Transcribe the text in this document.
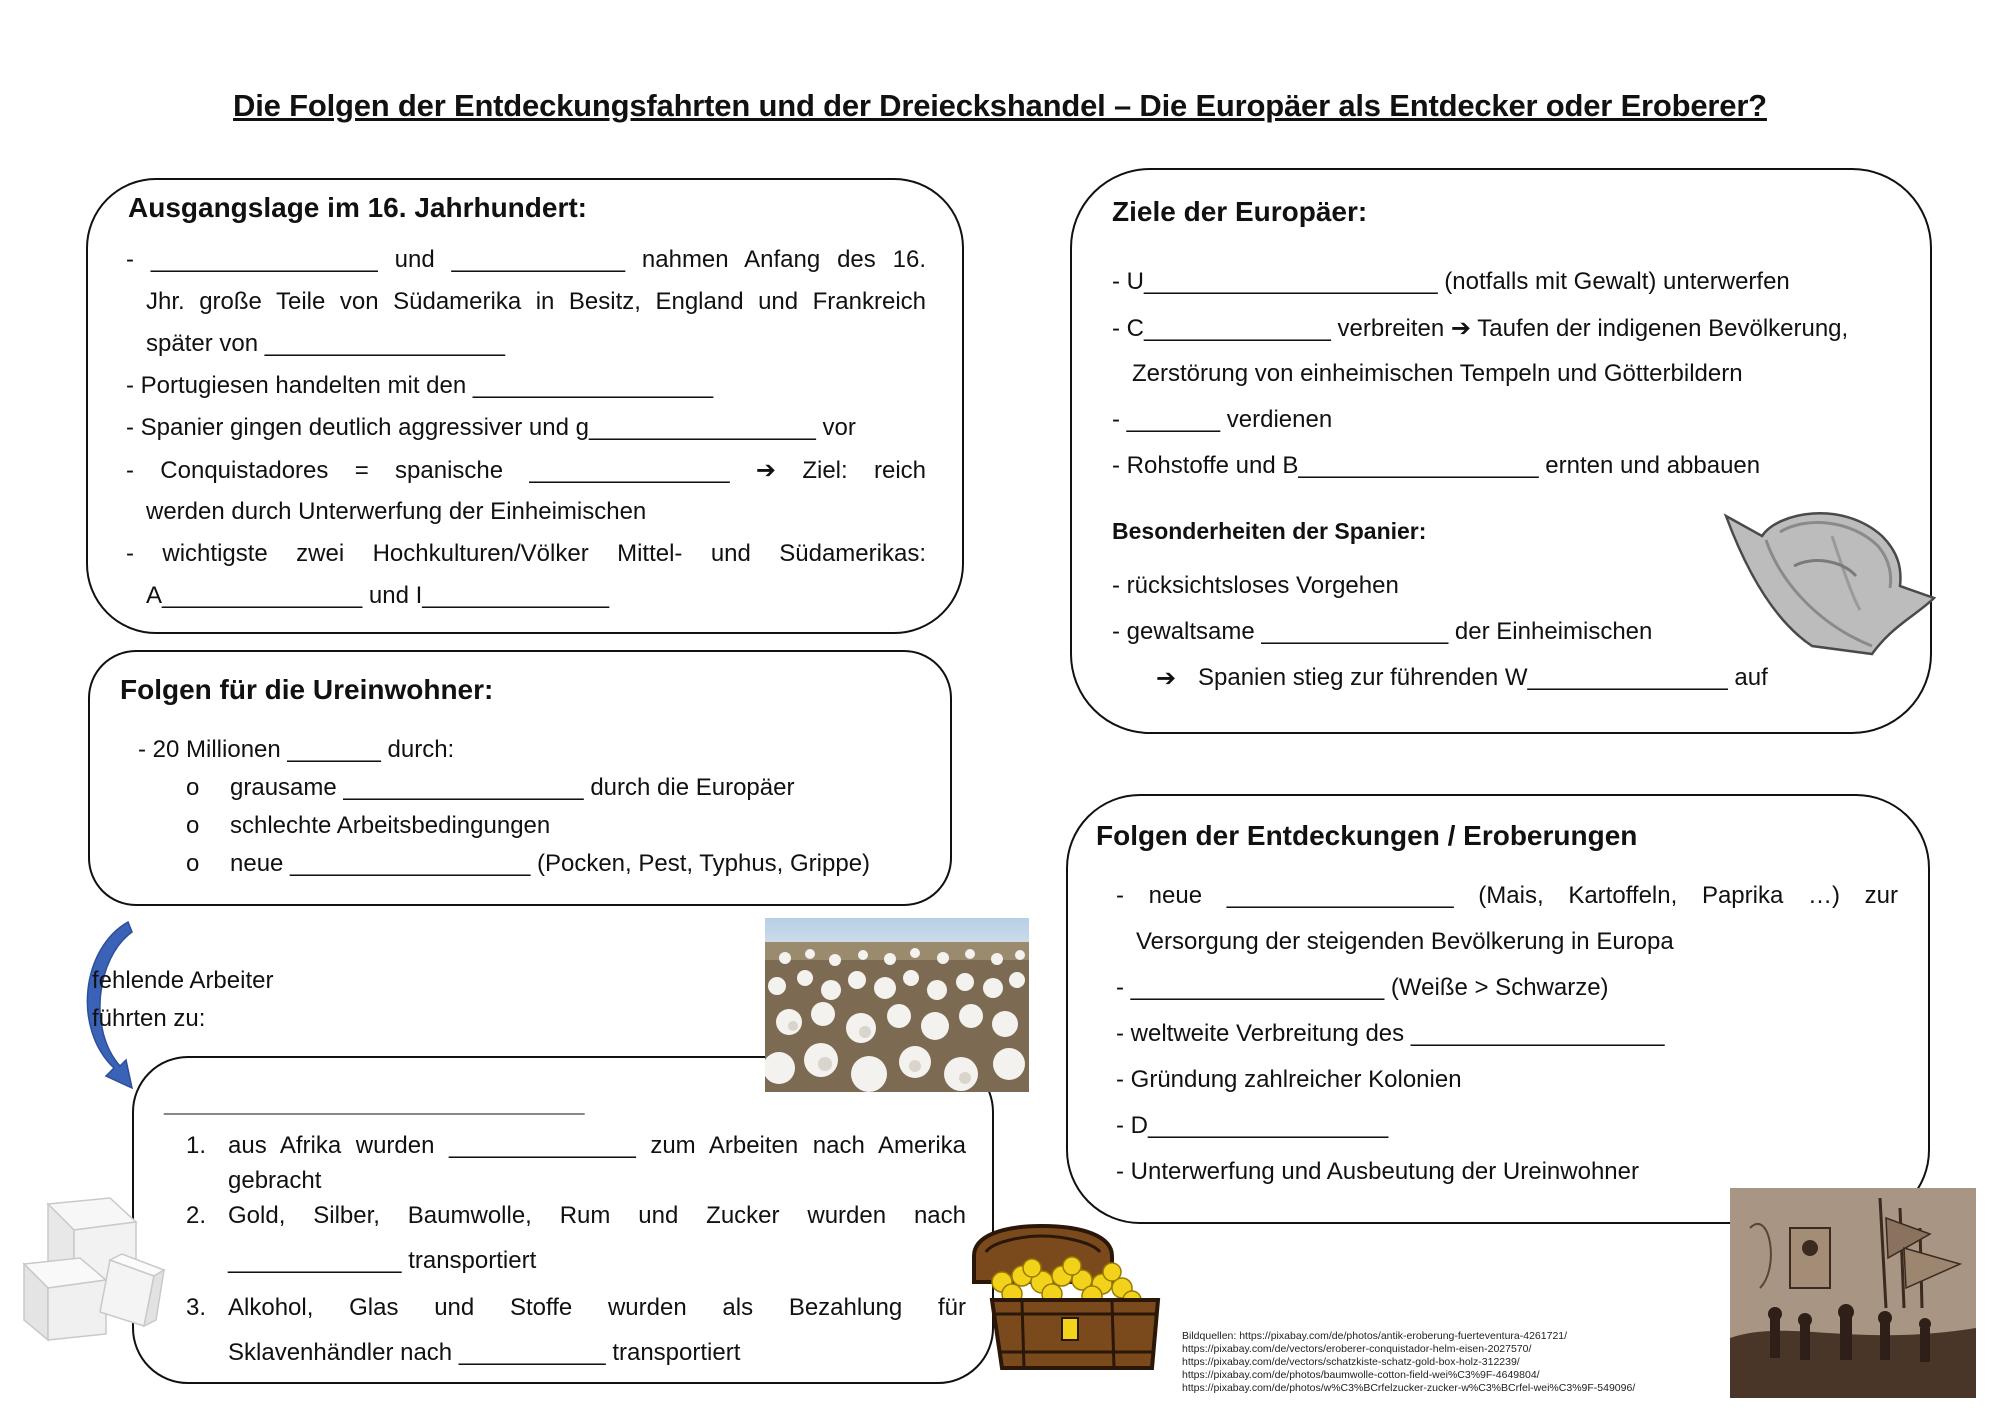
Die Folgen der Entdeckungsfahrten und der Dreieckshandel – Die Europäer als Entdecker oder Eroberer?
Ausgangslage im 16. Jahrhundert:
- _________________ und _____________ nahmen Anfang des 16.
Jhr. große Teile von Südamerika in Besitz, England und Frankreich
später von __________________
- Portugiesen handelten mit den __________________
- Spanier gingen deutlich aggressiver und g_________________ vor
- Conquistadores = spanische _______________ ➔ Ziel: reich
werden durch Unterwerfung der Einheimischen
- wichtigste zwei Hochkulturen/Völker Mittel- und Südamerikas:
A_______________ und I______________
Folgen für die Ureinwohner:
- 20 Millionen _______ durch:
o grausame __________________ durch die Europäer
o schlechte Arbeitsbedingungen
o neue __________________ (Pocken, Pest, Typhus, Grippe)
fehlende Arbeiter
führten zu:
___________________________
1. aus Afrika wurden ______________ zum Arbeiten nach Amerika
gebracht
2. Gold, Silber, Baumwolle, Rum und Zucker wurden nach
_____________ transportiert
3. Alkohol, Glas und Stoffe wurden als Bezahlung für
Sklavenhändler nach ___________ transportiert
Ziele der Europäer:
- U______________________ (notfalls mit Gewalt) unterwerfen
- C______________ verbreiten ➔ Taufen der indigenen Bevölkerung,
Zerstörung von einheimischen Tempeln und Götterbildern
- _______ verdienen
- Rohstoffe und B__________________ ernten und abbauen
Besonderheiten der Spanier:
- rücksichtsloses Vorgehen
- gewaltsame ______________ der Einheimischen
➔ Spanien stieg zur führenden W_______________ auf
Folgen der Entdeckungen / Eroberungen
- neue _________________ (Mais, Kartoffeln, Paprika …) zur
Versorgung der steigenden Bevölkerung in Europa
- ___________________ (Weiße > Schwarze)
- weltweite Verbreitung des ___________________
- Gründung zahlreicher Kolonien
- D__________________
- Unterwerfung und Ausbeutung der Ureinwohner
Bildquellen: https://pixabay.com/de/photos/antik-eroberung-fuerteventura-4261721/
https://pixabay.com/de/vectors/eroberer-conquistador-helm-eisen-2027570/
https://pixabay.com/de/vectors/schatzkiste-schatz-gold-box-holz-312239/
https://pixabay.com/de/photos/baumwolle-cotton-field-wei%C3%9F-4649804/
https://pixabay.com/de/photos/w%C3%BCrfelzucker-zucker-w%C3%BCrfel-wei%C3%9F-549096/
